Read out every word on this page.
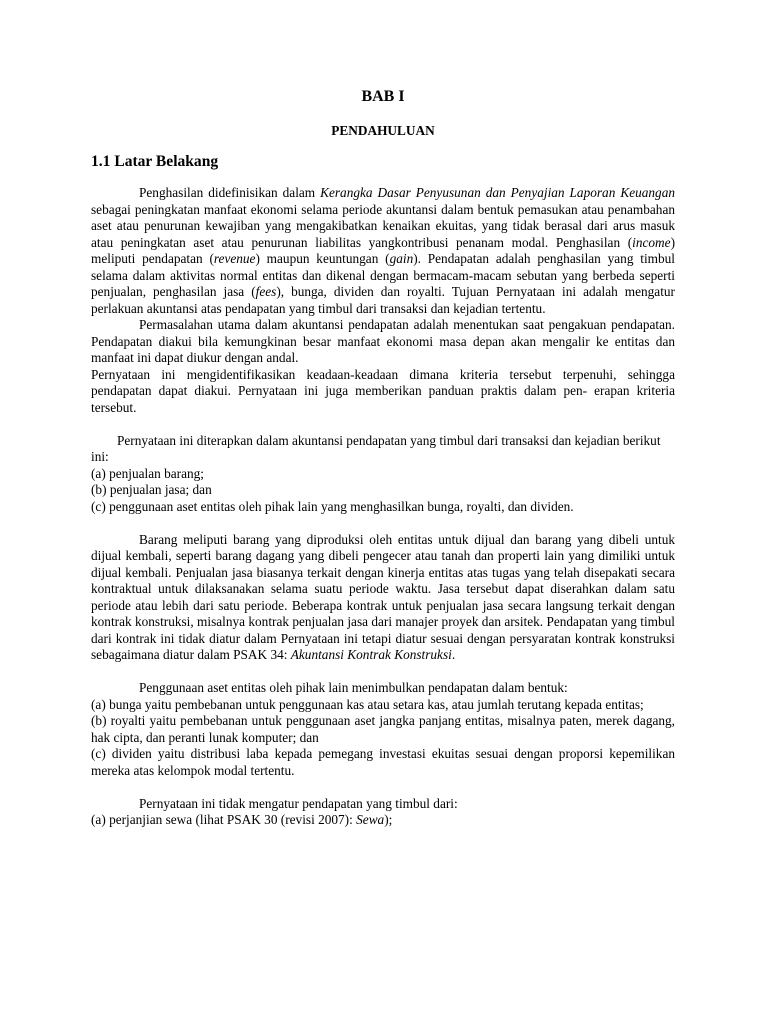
BAB I
PENDAHULUAN
1.1 Latar Belakang

Penghasilan didefinisikan dalam Kerangka Dasar Penyusunan dan Penyajian Laporan Keuangan sebagai peningkatan manfaat ekonomi selama periode akuntansi dalam bentuk pemasukan atau penambahan aset atau penurunan kewajiban yang mengakibatkan kenaikan ekuitas, yang tidak berasal dari arus masuk atau peningkatan aset atau penurunan liabilitas yangkontribusi penanam modal. Penghasilan (income) meliputi pendapatan (revenue) maupun keuntungan (gain). Pendapatan adalah penghasilan yang timbul selama dalam aktivitas normal entitas dan dikenal dengan bermacam-macam sebutan yang berbeda seperti penjualan, penghasilan jasa (fees), bunga, dividen dan royalti. Tujuan Pernyataan ini adalah mengatur perlakuan akuntansi atas pendapatan yang timbul dari transaksi dan kejadian tertentu.

Permasalahan utama dalam akuntansi pendapatan adalah menentukan saat pengakuan pendapatan. Pendapatan diakui bila kemungkinan besar manfaat ekonomi masa depan akan mengalir ke entitas dan manfaat ini dapat diukur dengan andal.

Pernyataan ini mengidentifikasikan keadaan-keadaan dimana kriteria tersebut terpenuhi, sehingga pendapatan dapat diakui. Pernyataan ini juga memberikan panduan praktis dalam pen- erapan kriteria tersebut.

Pernyataan ini diterapkan dalam akuntansi pendapatan yang timbul dari transaksi dan kejadian berikut

ini:

(a) penjualan barang;

(b) penjualan jasa; dan

(c) penggunaan aset entitas oleh pihak lain yang menghasilkan bunga, royalti, dan dividen.

Barang meliputi barang yang diproduksi oleh entitas untuk dijual dan barang yang dibeli untuk dijual kembali, seperti barang dagang yang dibeli pengecer atau tanah dan properti lain yang dimiliki untuk dijual kembali. Penjualan jasa biasanya terkait dengan kinerja entitas atas tugas yang telah disepakati secara kontraktual untuk dilaksanakan selama suatu periode waktu. Jasa tersebut dapat diserahkan dalam satu periode atau lebih dari satu periode. Beberapa kontrak untuk penjualan jasa secara langsung terkait dengan kontrak konstruksi, misalnya kontrak penjualan jasa dari manajer proyek dan arsitek. Pendapatan yang timbul dari kontrak ini tidak diatur dalam Pernyataan ini tetapi diatur sesuai dengan persyaratan kontrak konstruksi sebagaimana diatur dalam PSAK 34: Akuntansi Kontrak Konstruksi.

Penggunaan aset entitas oleh pihak lain menimbulkan pendapatan dalam bentuk:

(a) bunga yaitu pembebanan untuk penggunaan kas atau setara kas, atau jumlah terutang kepada entitas;

(b) royalti yaitu pembebanan untuk penggunaan aset jangka panjang entitas, misalnya paten, merek dagang, hak cipta, dan peranti lunak komputer; dan

(c) dividen yaitu distribusi laba kepada pemegang investasi ekuitas sesuai dengan proporsi kepemilikan mereka atas kelompok modal tertentu.

Pernyataan ini tidak mengatur pendapatan yang timbul dari:

(a) perjanjian sewa (lihat PSAK 30 (revisi 2007): Sewa);
